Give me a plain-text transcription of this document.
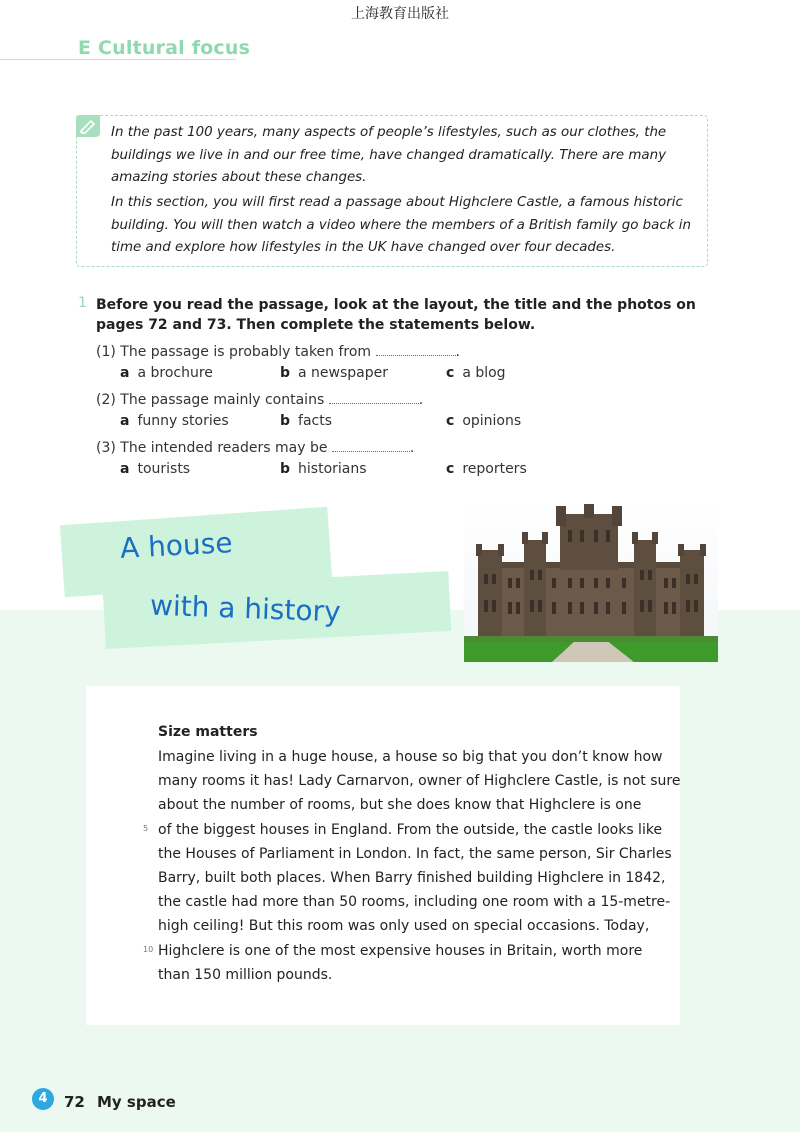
上海教育出版社
E Cultural focus

In the past 100 years, many aspects of people’s lifestyles, such as our clothes, the buildings we live in and our free time, have changed dramatically. There are many amazing stories about these changes.

In this section, you will first read a passage about Highclere Castle, a famous historic building. You will then watch a video where the members of a British family go back in time and explore how lifestyles in the UK have changed over four decades.

1 Before you read the passage, look at the layout, the title and the photos on pages 72 and 73. Then complete the statements below.

(1) The passage is probably taken from	.
a a brochure	b a newspaper	c a blog
(2) The passage mainly contains	.
a funny stories	b facts	c opinions
(3) The intended readers may be	.
a tourists	b historians	c reporters
A house
with a history
Size matters
Imagine living in a huge house, a house so big that you don’t know how
many rooms it has! Lady Carnarvon, owner of Highclere Castle, is not sure
about the number of rooms, but she does know that Highclere is one
of the biggest houses in England. From the outside, the castle looks like
the Houses of Parliament in London. In fact, the same person, Sir Charles
Barry, built both places. When Barry finished building Highclere in 1842,
the castle had more than 50 rooms, including one room with a 15-metre-
high ceiling! But this room was only used on special occasions. Today,
Highclere is one of the most expensive houses in Britain, worth more
than 150 million pounds.
5
10
4	72 My space
